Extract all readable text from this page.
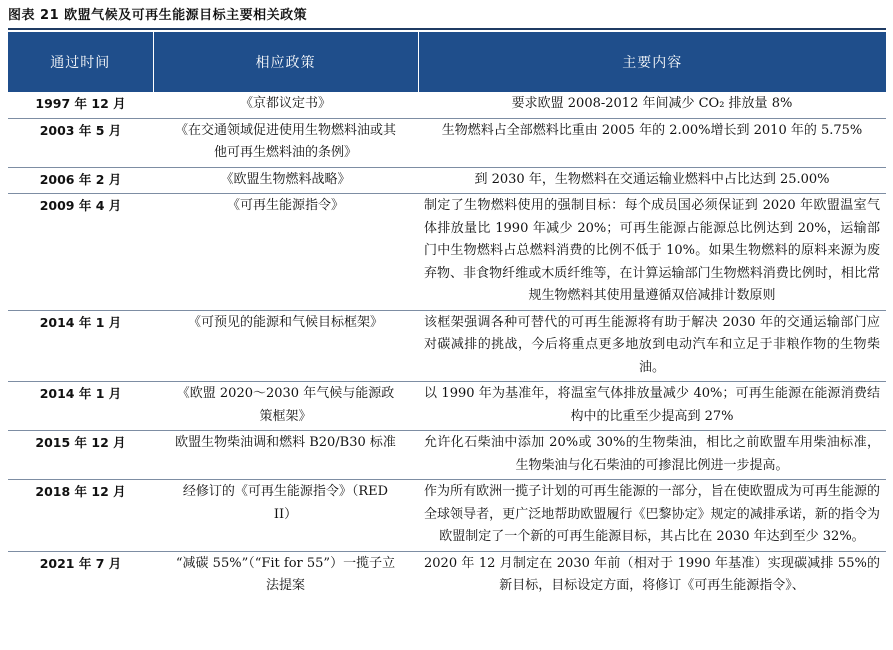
图表 21 欧盟气候及可再生能源目标主要相关政策
通过时间	相应政策	主要内容
1997 年 12 月	《京都议定书》	要求欧盟 2008-2012 年间减少 CO₂ 排放量 8%
2003 年 5 月	《在交通领域促进使用生物燃料油或其他可再生燃料油的条例》	生物燃料占全部燃料比重由 2005 年的 2.00%增长到 2010 年的 5.75%
2006 年 2 月	《欧盟生物燃料战略》	到 2030 年，生物燃料在交通运输业燃料中占比达到 25.00%
2009 年 4 月	《可再生能源指令》	制定了生物燃料使用的强制目标：每个成员国必须保证到 2020 年欧盟温室气体排放量比 1990 年减少 20%；可再生能源占能源总比例达到 20%，运输部门中生物燃料占总燃料消费的比例不低于 10%。如果生物燃料的原料来源为废弃物、非食物纤维或木质纤维等，在计算运输部门生物燃料消费比例时，相比常规生物燃料其使用量遵循双倍减排计数原则
2014 年 1 月	《可预见的能源和气候目标框架》	该框架强调各种可替代的可再生能源将有助于解决 2030 年的交通运输部门应对碳减排的挑战，今后将重点更多地放到电动汽车和立足于非粮作物的生物柴油。
2014 年 1 月	《欧盟 2020～2030 年气候与能源政策框架》	以 1990 年为基准年，将温室气体排放量减少 40%；可再生能源在能源消费结构中的比重至少提高到 27%
2015 年 12 月	欧盟生物柴油调和燃料 B20/B30 标准	允许化石柴油中添加 20%或 30%的生物柴油，相比之前欧盟车用柴油标准，生物柴油与化石柴油的可掺混比例进一步提高。
2018 年 12 月	经修订的《可再生能源指令》（RED II）	作为所有欧洲一揽子计划的可再生能源的一部分，旨在使欧盟成为可再生能源的全球领导者，更广泛地帮助欧盟履行《巴黎协定》规定的减排承诺，新的指令为欧盟制定了一个新的可再生能源目标，其占比在 2030 年达到至少 32%。
2021 年 7 月	“减碳 55%”（“Fit for 55”）一揽子立法提案	2020 年 12 月制定在 2030 年前（相对于 1990 年基准）实现碳减排 55%的新目标，目标设定方面，将修订《可再生能源指令》、
